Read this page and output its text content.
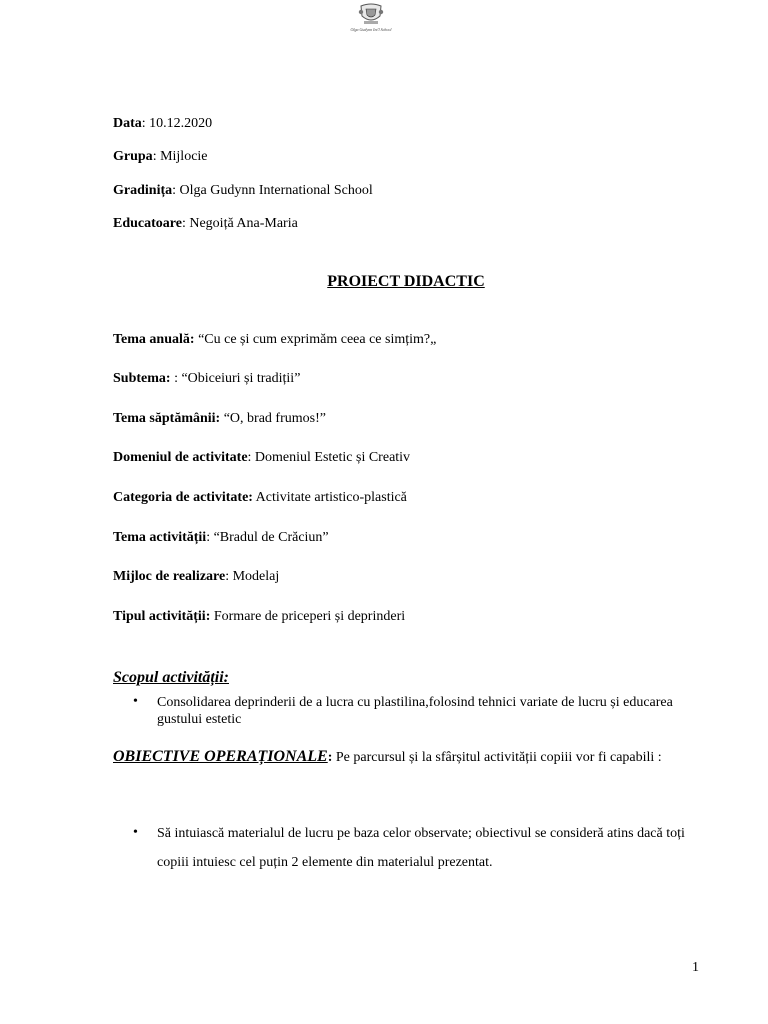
Olga Gudynn Int'l School
Data: 10.12.2020
Grupa: Mijlocie
Gradinița: Olga Gudynn International School
Educatoare: Negoiță Ana-Maria
PROIECT DIDACTIC
Tema anuală: “Cu ce și cum exprimăm ceea ce simțim?„
Subtema: : “Obiceiuri și tradiții”
Tema săptămânii: “O, brad frumos!”
Domeniul de activitate: Domeniul Estetic și Creativ
Categoria de activitate: Activitate artistico-plastică
Tema activității: “Bradul de Crăciun”
Mijloc de realizare: Modelaj
Tipul activității: Formare de priceperi și deprinderi
Scopul activității:
• Consolidarea deprinderii de a lucra cu plastilina,folosind tehnici variate de lucru și educarea gustului estetic
OBIECTIVE OPERAȚIONALE: Pe parcursul și la sfârșitul activității copiii vor fi capabili :
• Să intuiască materialul de lucru pe baza celor observate; obiectivul se consideră atins dacă toți copiii intuiesc cel puțin 2 elemente din materialul prezentat.
1
